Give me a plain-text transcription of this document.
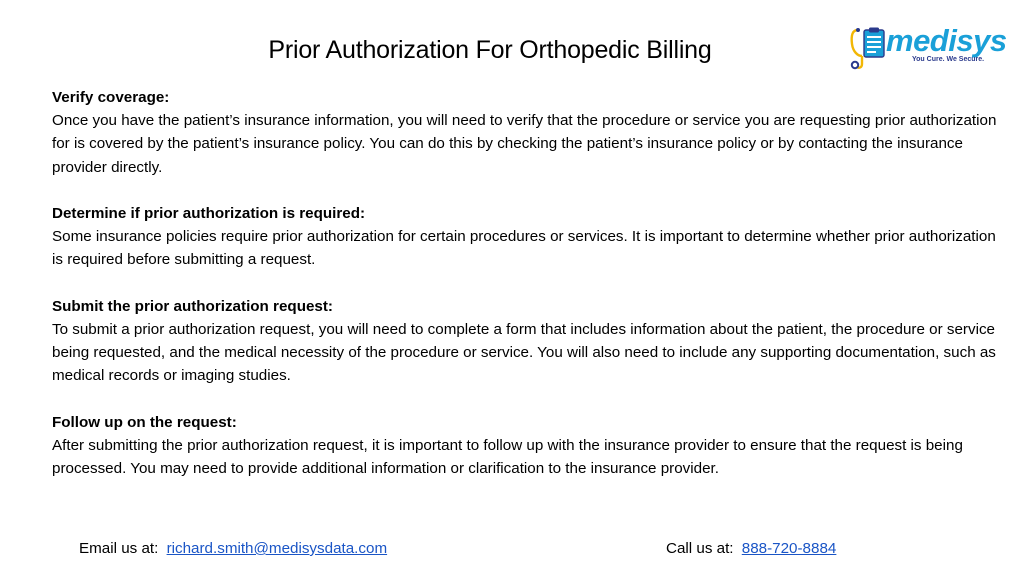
Prior Authorization For Orthopedic Billing	medisys
You Cure. We Secure.
Verify coverage:
Once you have the patient’s insurance information, you will need to verify that the procedure or service you are requesting prior authorization for is covered by the patient’s insurance policy. You can do this by checking the patient’s insurance policy or by contacting the insurance provider directly.
Determine if prior authorization is required:
Some insurance policies require prior authorization for certain procedures or services. It is important to determine whether prior authorization is required before submitting a request.
Submit the prior authorization request:
To submit a prior authorization request, you will need to complete a form that includes information about the patient, the procedure or service being requested, and the medical necessity of the procedure or service. You will also need to include any supporting documentation, such as medical records or imaging studies.
Follow up on the request:
After submitting the prior authorization request, it is important to follow up with the insurance provider to ensure that the request is being processed. You may need to provide additional information or clarification to the insurance provider.
Email us at: richard.smith@medisysdata.com	Call us at: 888-720-8884
